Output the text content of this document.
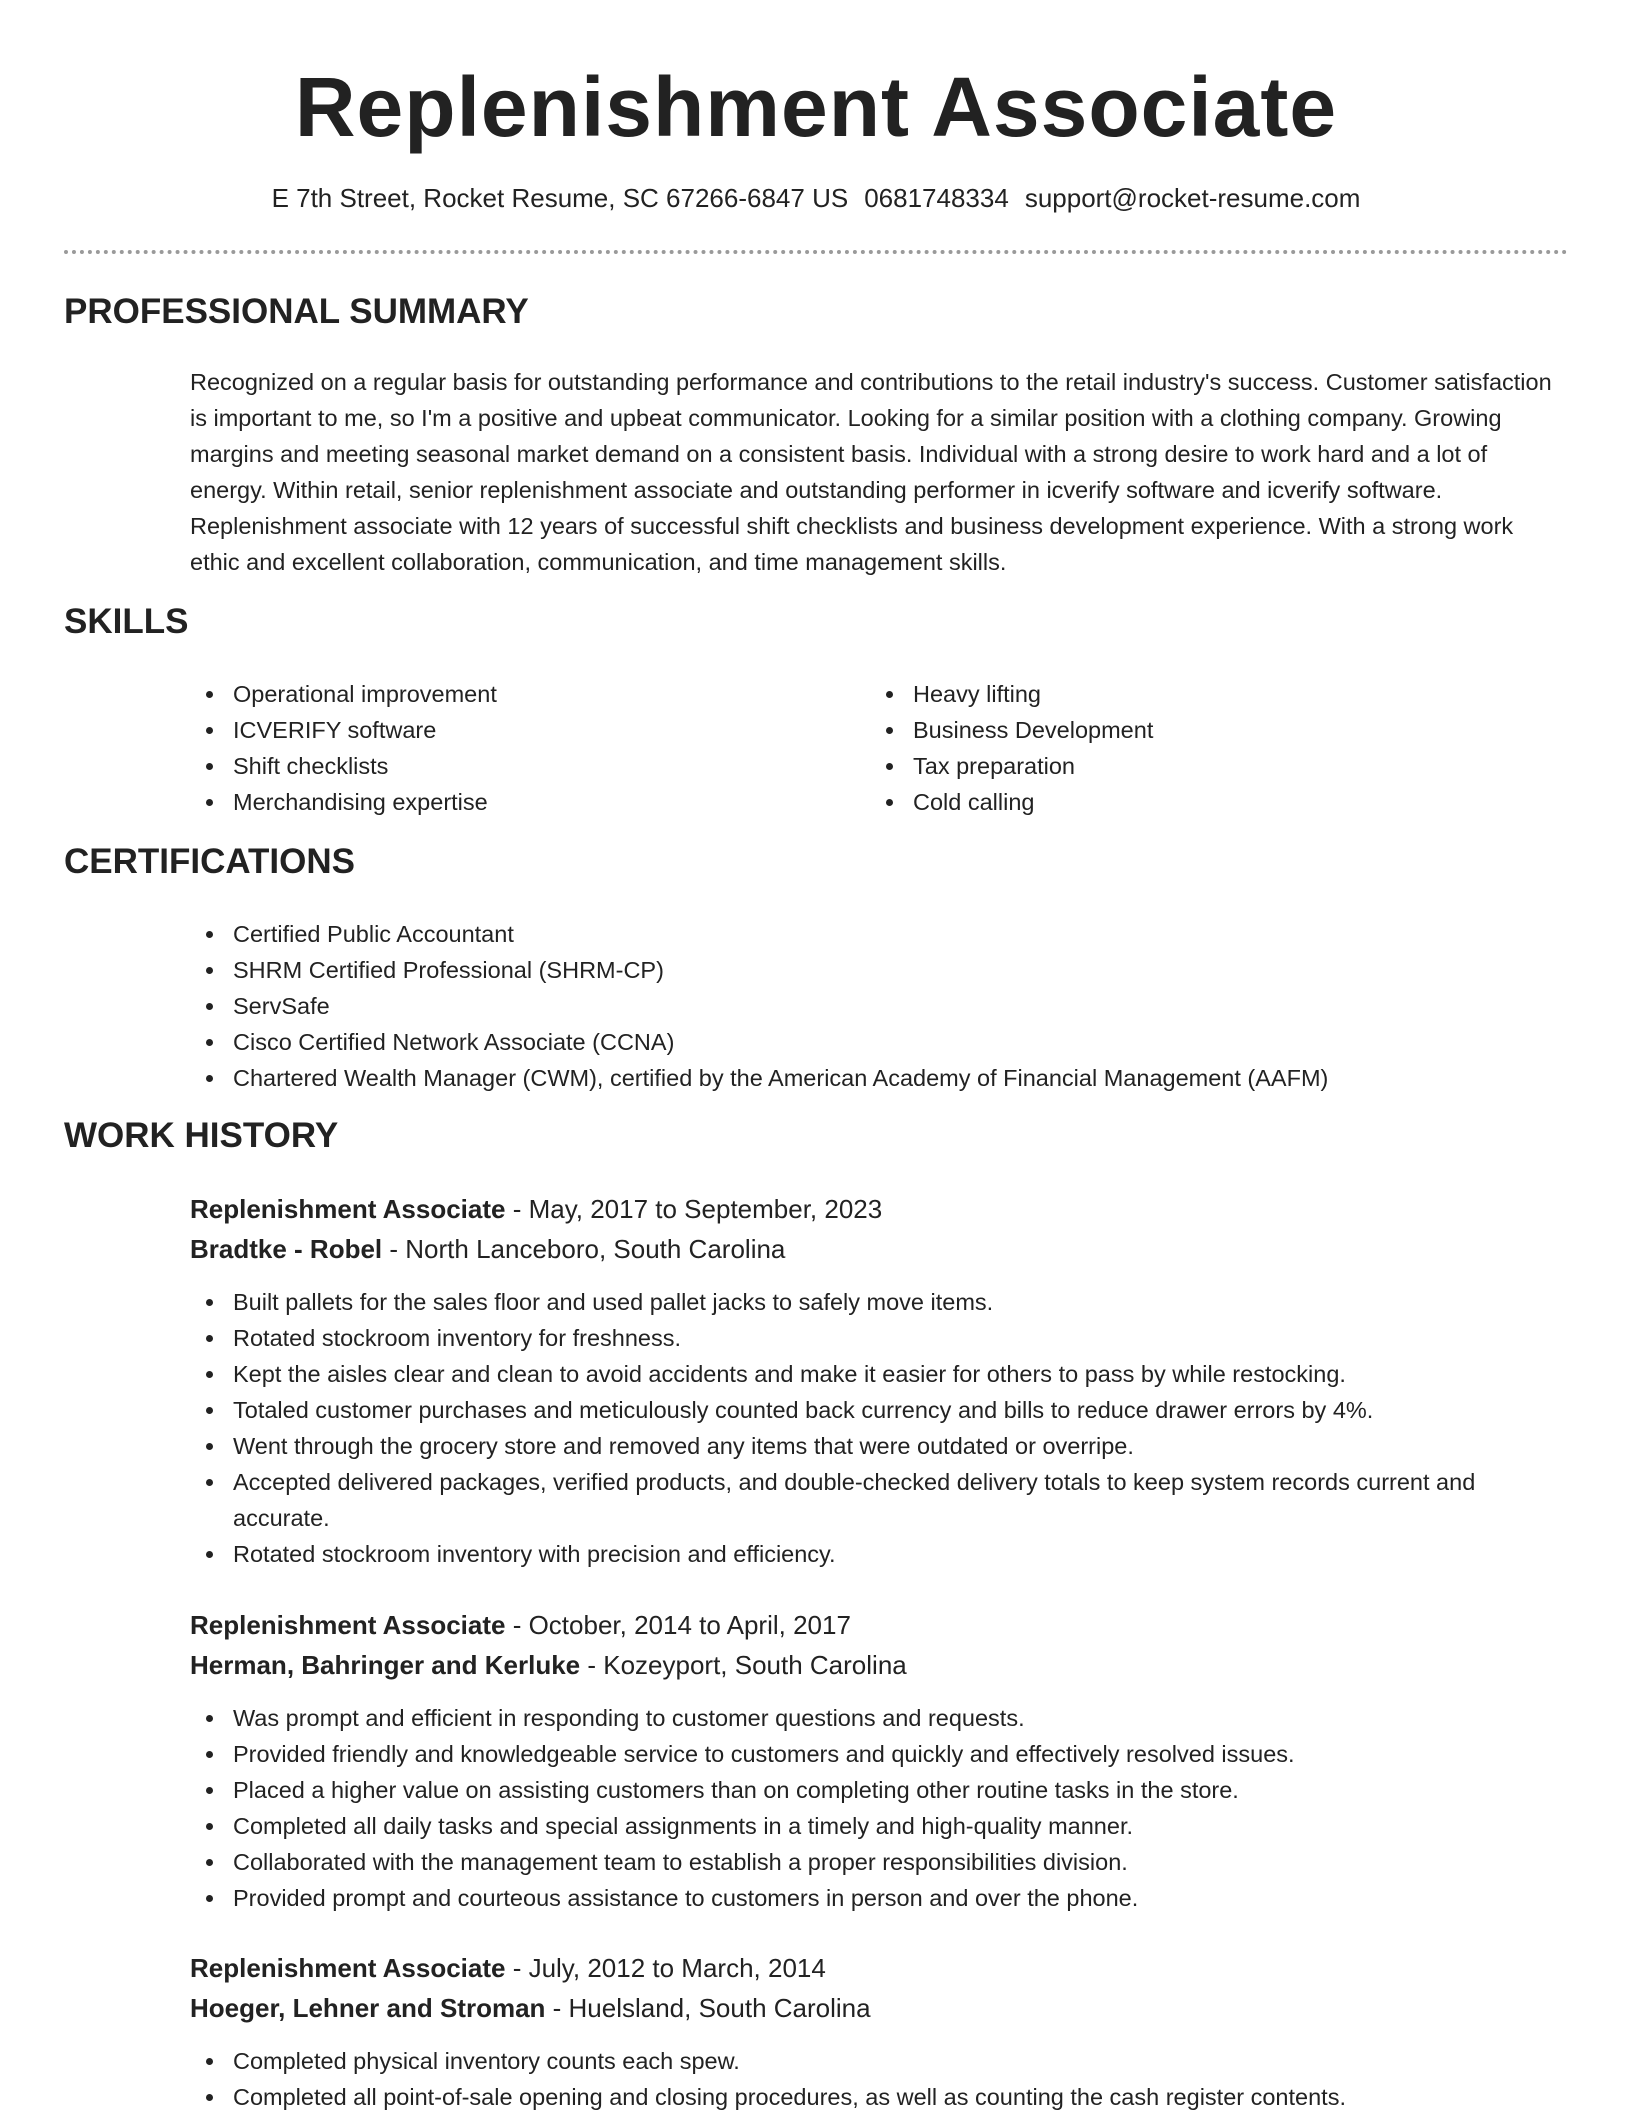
Replenishment Associate
E 7th Street, Rocket Resume, SC 67266-6847 US 0681748334 support@rocket-resume.com
PROFESSIONAL SUMMARY

Recognized on a regular basis for outstanding performance and contributions to the retail industry's success. Customer satisfaction is important to me, so I'm a positive and upbeat communicator. Looking for a similar position with a clothing company. Growing margins and meeting seasonal market demand on a consistent basis. Individual with a strong desire to work hard and a lot of energy. Within retail, senior replenishment associate and outstanding performer in icverify software and icverify software. Replenishment associate with 12 years of successful shift checklists and business development experience. With a strong work ethic and excellent collaboration, communication, and time management skills.

SKILLS
Operational improvement
ICVERIFY software
Shift checklists
Merchandising expertise
Heavy lifting
Business Development
Tax preparation
Cold calling
CERTIFICATIONS
Certified Public Accountant
SHRM Certified Professional (SHRM-CP)
ServSafe
Cisco Certified Network Associate (CCNA)
Chartered Wealth Manager (CWM), certified by the American Academy of Financial Management (AAFM)
WORK HISTORY
Replenishment Associate - May, 2017 to September, 2023
Bradtke - Robel - North Lanceboro, South Carolina
Built pallets for the sales floor and used pallet jacks to safely move items.
Rotated stockroom inventory for freshness.
Kept the aisles clear and clean to avoid accidents and make it easier for others to pass by while restocking.
Totaled customer purchases and meticulously counted back currency and bills to reduce drawer errors by 4%.
Went through the grocery store and removed any items that were outdated or overripe.
Accepted delivered packages, verified products, and double-checked delivery totals to keep system records current and accurate.
Rotated stockroom inventory with precision and efficiency.
Replenishment Associate - October, 2014 to April, 2017
Herman, Bahringer and Kerluke - Kozeyport, South Carolina
Was prompt and efficient in responding to customer questions and requests.
Provided friendly and knowledgeable service to customers and quickly and effectively resolved issues.
Placed a higher value on assisting customers than on completing other routine tasks in the store.
Completed all daily tasks and special assignments in a timely and high-quality manner.
Collaborated with the management team to establish a proper responsibilities division.
Provided prompt and courteous assistance to customers in person and over the phone.
Replenishment Associate - July, 2012 to March, 2014
Hoeger, Lehner and Stroman - Huelsland, South Carolina
Completed physical inventory counts each spew.
Completed all point-of-sale opening and closing procedures, as well as counting the cash register contents.
